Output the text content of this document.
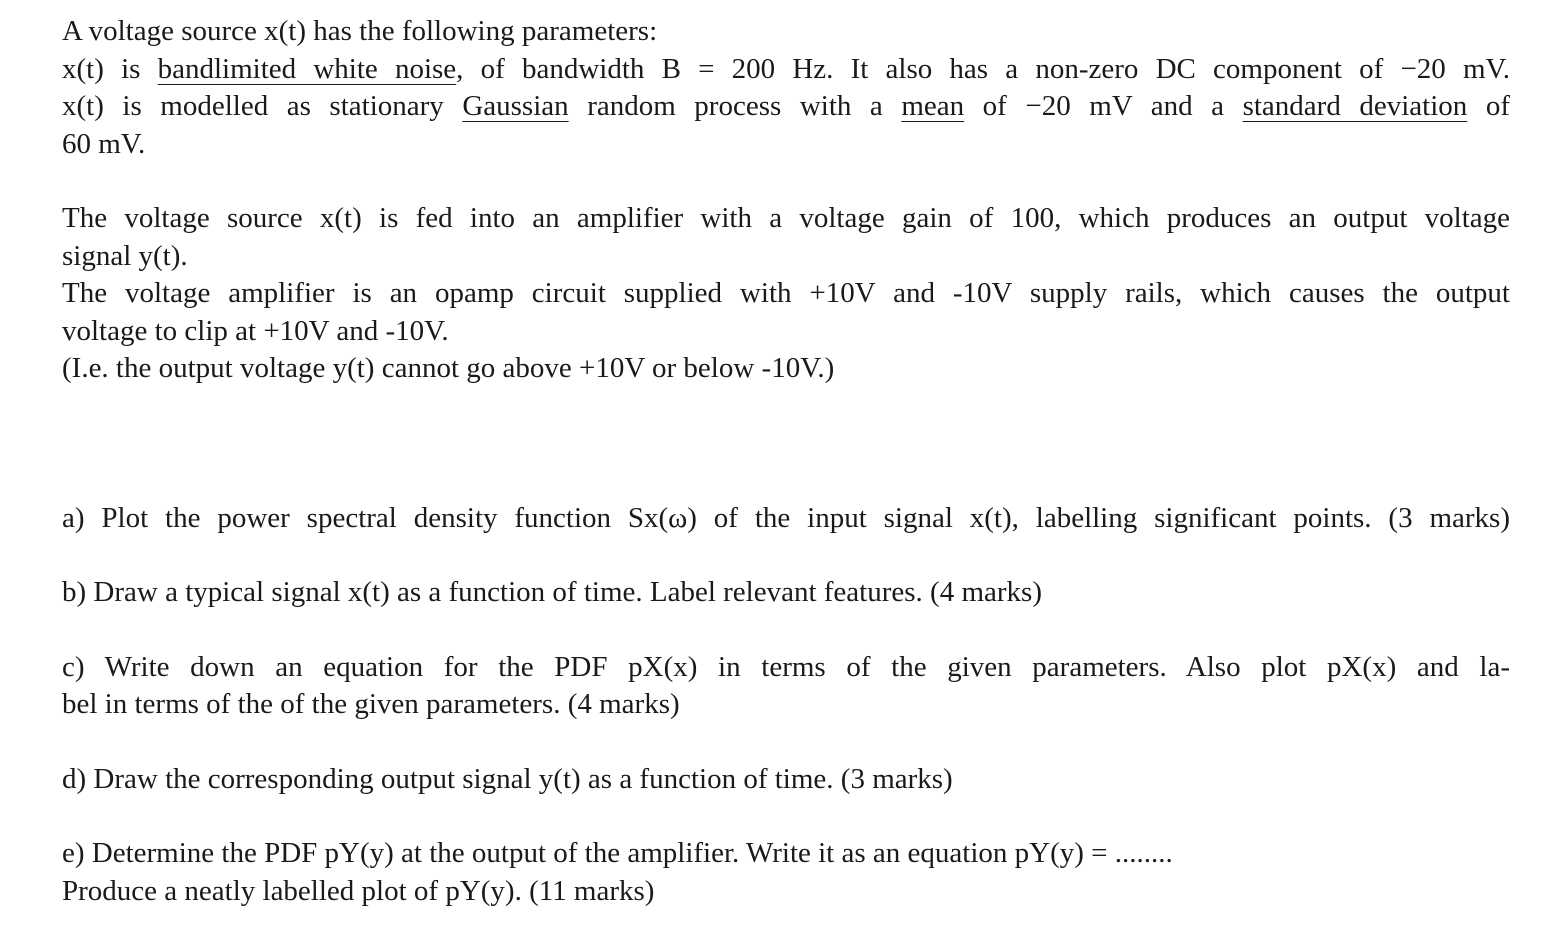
A voltage source x(t) has the following parameters:
x(t) is bandlimited white noise, of bandwidth B = 200 Hz. It also has a non-zero DC component of −20 mV.
x(t) is modelled as stationary Gaussian random process with a mean of −20 mV and a standard deviation of
60 mV.
The voltage source x(t) is fed into an amplifier with a voltage gain of 100, which produces an output voltage
signal y(t).
The voltage amplifier is an opamp circuit supplied with +10V and -10V supply rails, which causes the output
voltage to clip at +10V and -10V.
(I.e. the output voltage y(t) cannot go above +10V or below -10V.)
a) Plot the power spectral density function Sx(ω) of the input signal x(t), labelling significant points. (3 marks)
b) Draw a typical signal x(t) as a function of time. Label relevant features. (4 marks)
c) Write down an equation for the PDF pX(x) in terms of the given parameters. Also plot pX(x) and la-
bel in terms of the of the given parameters. (4 marks)
d) Draw the corresponding output signal y(t) as a function of time. (3 marks)
e) Determine the PDF pY(y) at the output of the amplifier. Write it as an equation pY(y) = ........
Produce a neatly labelled plot of pY(y). (11 marks)
